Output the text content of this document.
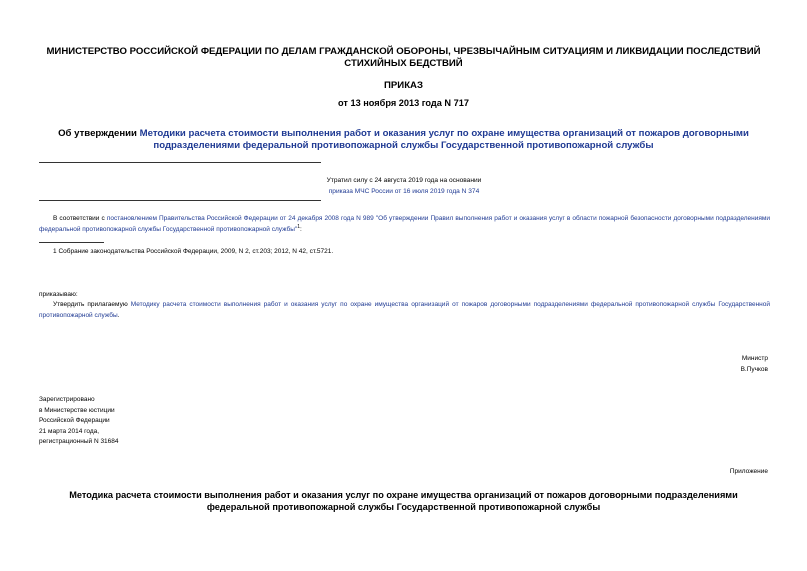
МИНИСТЕРСТВО РОССИЙСКОЙ ФЕДЕРАЦИИ ПО ДЕЛАМ ГРАЖДАНСКОЙ ОБОРОНЫ, ЧРЕЗВЫЧАЙНЫМ СИТУАЦИЯМ И ЛИКВИДАЦИИ ПОСЛЕДСТВИЙ СТИХИЙНЫХ БЕДСТВИЙ
ПРИКАЗ
от 13 ноября 2013 года N 717
Об утверждении Методики расчета стоимости выполнения работ и оказания услуг по охране имущества организаций от пожаров договорными подразделениями федеральной противопожарной службы Государственной противопожарной службы
Утратил силу с 24 августа 2019 года на основании
приказа МЧС России от 16 июля 2019 года N 374
В соответствии с постановлением Правительства Российской Федерации от 24 декабря 2008 года N 989 "Об утверждении Правил выполнения работ и оказания услуг в области пожарной безопасности договорными подразделениями федеральной противопожарной службы Государственной противопожарной службы"$^1$:
1 Собрание законодательства Российской Федерации, 2009, N 2, ст.203; 2012, N 42, ст.5721.
приказываю:
Утвердить прилагаемую Методику расчета стоимости выполнения работ и оказания услуг по охране имущества организаций от пожаров договорными подразделениями федеральной противопожарной службы Государственной противопожарной службы.
Министр
В.Пучков
Зарегистрировано
в Министерстве юстиции
Российской Федерации
21 марта 2014 года,
регистрационный N 31684
Приложение
Методика расчета стоимости выполнения работ и оказания услуг по охране имущества организаций от пожаров договорными подразделениями федеральной противопожарной службы Государственной противопожарной службы
